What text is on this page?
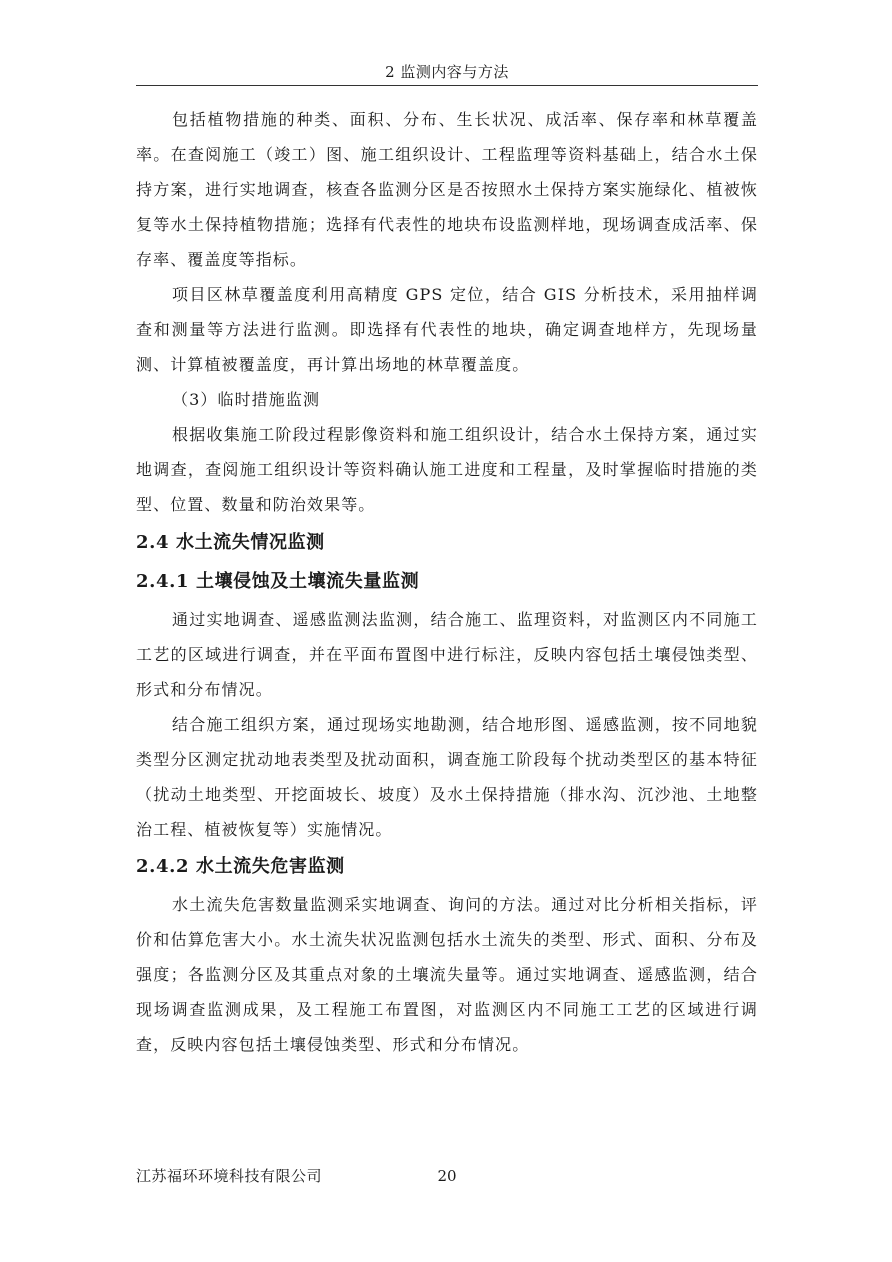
2 监测内容与方法

包括植物措施的种类、面积、分布、生长状况、成活率、保存率和林草覆盖率。在查阅施工（竣工）图、施工组织设计、工程监理等资料基础上，结合水土保持方案，进行实地调查，核查各监测分区是否按照水土保持方案实施绿化、植被恢复等水土保持植物措施；选择有代表性的地块布设监测样地，现场调查成活率、保存率、覆盖度等指标。

项目区林草覆盖度利用高精度 GPS 定位，结合 GIS 分析技术，采用抽样调查和测量等方法进行监测。即选择有代表性的地块，确定调查地样方，先现场量测、计算植被覆盖度，再计算出场地的林草覆盖度。

（3）临时措施监测

根据收集施工阶段过程影像资料和施工组织设计，结合水土保持方案，通过实地调查，查阅施工组织设计等资料确认施工进度和工程量，及时掌握临时措施的类型、位置、数量和防治效果等。

2.4 水土流失情况监测
2.4.1 土壤侵蚀及土壤流失量监测

通过实地调查、遥感监测法监测，结合施工、监理资料，对监测区内不同施工工艺的区域进行调查，并在平面布置图中进行标注，反映内容包括土壤侵蚀类型、形式和分布情况。

结合施工组织方案，通过现场实地勘测，结合地形图、遥感监测，按不同地貌类型分区测定扰动地表类型及扰动面积，调查施工阶段每个扰动类型区的基本特征（扰动土地类型、开挖面坡长、坡度）及水土保持措施（排水沟、沉沙池、土地整治工程、植被恢复等）实施情况。

2.4.2 水土流失危害监测

水土流失危害数量监测采实地调查、询问的方法。通过对比分析相关指标，评价和估算危害大小。水土流失状况监测包括水土流失的类型、形式、面积、分布及强度；各监测分区及其重点对象的土壤流失量等。通过实地调查、遥感监测，结合现场调查监测成果，及工程施工布置图，对监测区内不同施工工艺的区域进行调查，反映内容包括土壤侵蚀类型、形式和分布情况。

江苏福环环境科技有限公司	20
